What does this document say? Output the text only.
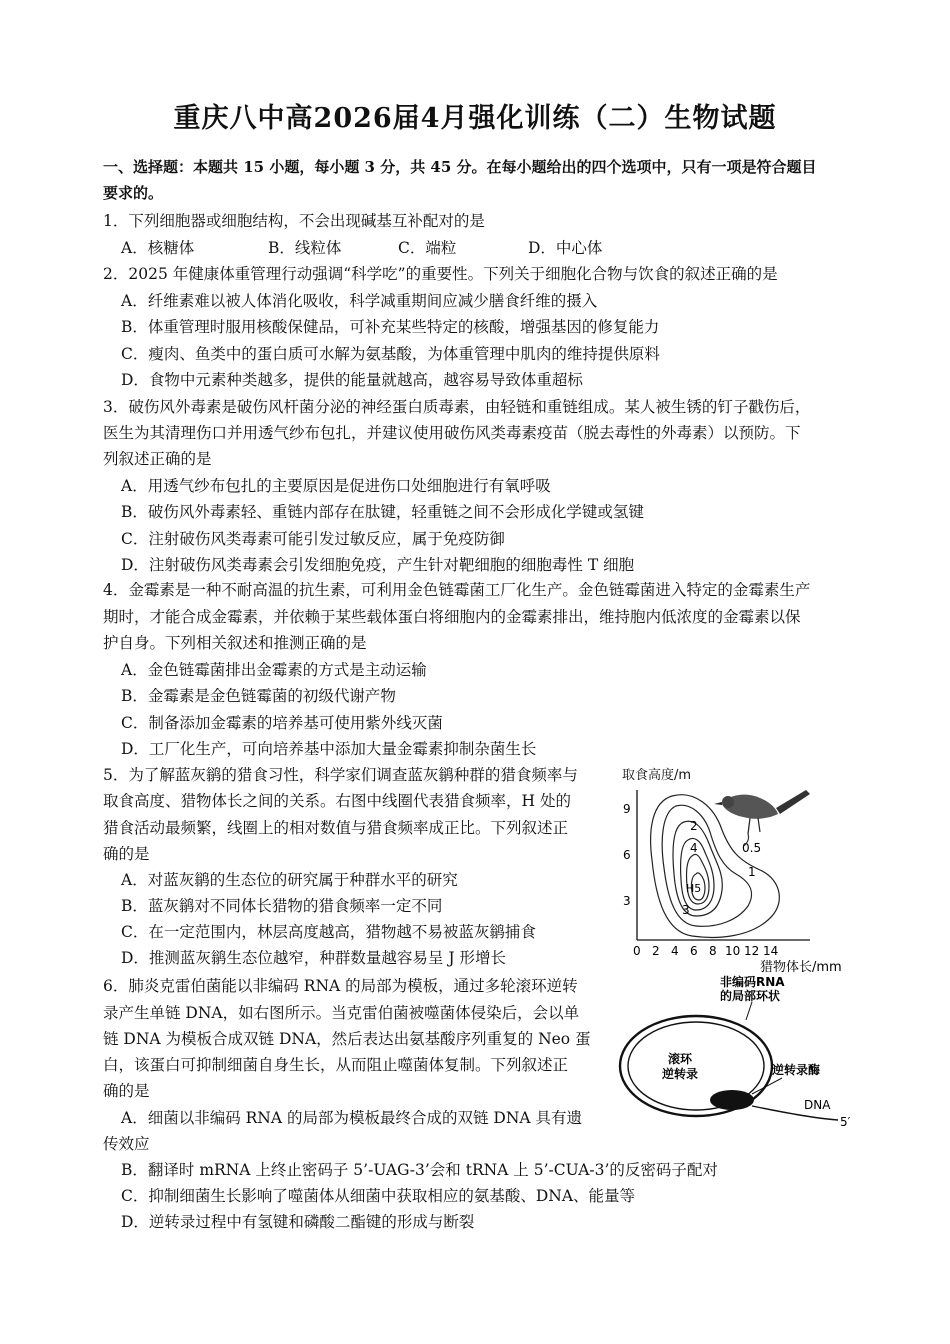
重庆八中高2026届4月强化训练（二）生物试题
一、选择题：本题共 15 小题，每小题 3 分，共 45 分。在每小题给出的四个选项中，只有一项是符合题目
要求的。
1．下列细胞器或细胞结构，不会出现碱基互补配对的是
A．核糖体	B．线粒体	C．端粒	D．中心体
2．2025 年健康体重管理行动强调“科学吃”的重要性。下列关于细胞化合物与饮食的叙述正确的是
A．纤维素难以被人体消化吸收，科学减重期间应减少膳食纤维的摄入
B．体重管理时服用核酸保健品，可补充某些特定的核酸，增强基因的修复能力
C．瘦肉、鱼类中的蛋白质可水解为氨基酸，为体重管理中肌肉的维持提供原料
D．食物中元素种类越多，提供的能量就越高，越容易导致体重超标
3．破伤风外毒素是破伤风杆菌分泌的神经蛋白质毒素，由轻链和重链组成。某人被生锈的钉子戳伤后，
医生为其清理伤口并用透气纱布包扎，并建议使用破伤风类毒素疫苗（脱去毒性的外毒素）以预防。下
列叙述正确的是
A．用透气纱布包扎的主要原因是促进伤口处细胞进行有氧呼吸
B．破伤风外毒素轻、重链内部存在肽键，轻重链之间不会形成化学键或氢键
C．注射破伤风类毒素可能引发过敏反应，属于免疫防御
D．注射破伤风类毒素会引发细胞免疫，产生针对靶细胞的细胞毒性 T 细胞
4．金霉素是一种不耐高温的抗生素，可利用金色链霉菌工厂化生产。金色链霉菌进入特定的金霉素生产
期时，才能合成金霉素，并依赖于某些载体蛋白将细胞内的金霉素排出，维持胞内低浓度的金霉素以保
护自身。下列相关叙述和推测正确的是
A．金色链霉菌排出金霉素的方式是主动运输
B．金霉素是金色链霉菌的初级代谢产物
C．制备添加金霉素的培养基可使用紫外线灭菌
D．工厂化生产，可向培养基中添加大量金霉素抑制杂菌生长
5．为了解蓝灰鹟的猎食习性，科学家们调查蓝灰鹟种群的猎食频率与
取食高度、猎物体长之间的关系。右图中线圈代表猎食频率，H 处的
猎食活动最频繁，线圈上的相对数值与猎食频率成正比。下列叙述正
确的是
A．对蓝灰鹟的生态位的研究属于种群水平的研究
B．蓝灰鹟对不同体长猎物的猎食频率一定不同
C．在一定范围内，林层高度越高，猎物越不易被蓝灰鹟捕食
D．推测蓝灰鹟生态位越窄，种群数量越容易呈 J 形增长
取食高度/m
3
6
9
0 2 4 6 8 10 12 14
猎物体长/mm
2
4
H5
3
0.5
1
6．肺炎克雷伯菌能以非编码 RNA 的局部为模板，通过多轮滚环逆转
录产生单链 DNA，如右图所示。当克雷伯菌被噬菌体侵染后，会以单
链 DNA 为模板合成双链 DNA，然后表达出氨基酸序列重复的 Neo 蛋
白，该蛋白可抑制细菌自身生长，从而阻止噬菌体复制。下列叙述正
确的是
A．细菌以非编码 RNA 的局部为模板最终合成的双链 DNA 具有遗
传效应
B．翻译时 mRNA 上终止密码子 5’-UAG-3’会和 tRNA 上 5’-CUA-3’的反密码子配对
C．抑制细菌生长影响了噬菌体从细菌中获取相应的氨基酸、DNA、能量等
D．逆转录过程中有氢键和磷酸二酯键的形成与断裂
非编码RNA
的局部环状
滚环
逆转录	逆转录酶
DNA
5′
